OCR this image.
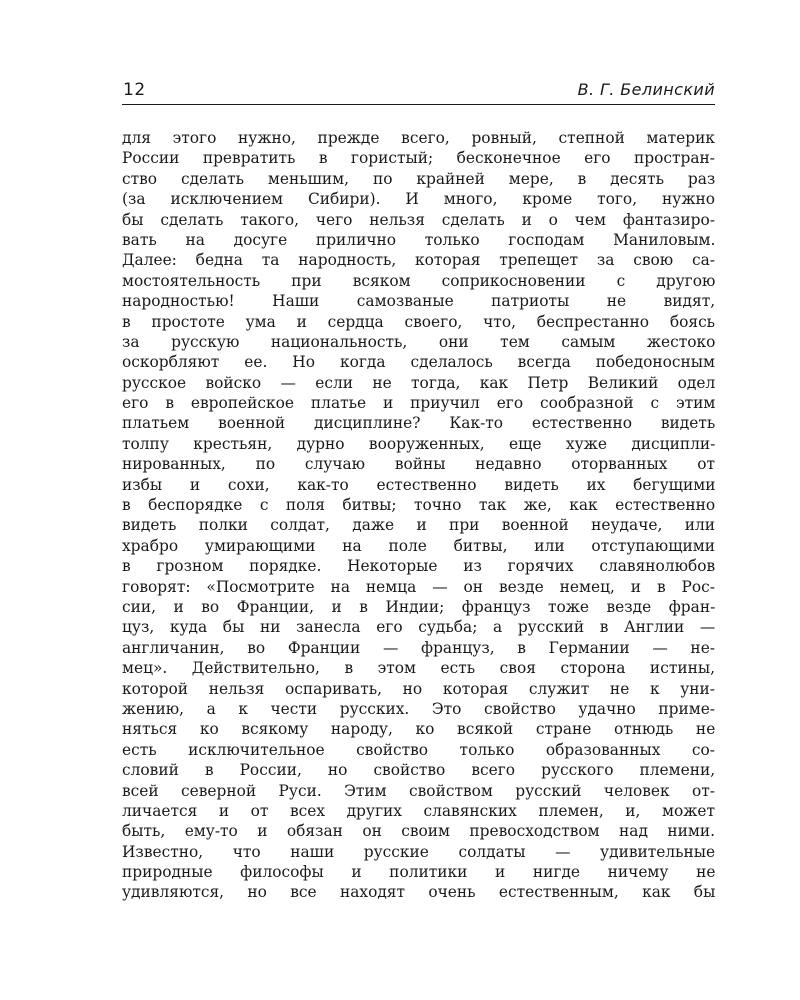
12	В. Г. Белинский
для этого нужно, прежде всего, ровный, степной материк
России превратить в гористый; бесконечное его простран-
ство сделать меньшим, по крайней мере, в десять раз
(за исключением Сибири). И много, кроме того, нужно
бы сделать такого, чего нельзя сделать и о чем фантазиро-
вать на досуге прилично только господам Маниловым.
Далее: бедна та народность, которая трепещет за свою са-
мостоятельность при всяком соприкосновении с другою
народностью! Наши самозваные патриоты не видят,
в простоте ума и сердца своего, что, беспрестанно боясь
за русскую национальность, они тем самым жестоко
оскорбляют ее. Но когда сделалось всегда победоносным
русское войско — если не тогда, как Петр Великий одел
его в европейское платье и приучил его сообразной с этим
платьем военной дисциплине? Как-то естественно видеть
толпу крестьян, дурно вооруженных, еще хуже дисципли-
нированных, по случаю войны недавно оторванных от
избы и сохи, как-то естественно видеть их бегущими
в беспорядке с поля битвы; точно так же, как естественно
видеть полки солдат, даже и при военной неудаче, или
храбро умирающими на поле битвы, или отступающими
в грозном порядке. Некоторые из горячих славянолюбов
говорят: «Посмотрите на немца — он везде немец, и в Рос-
сии, и во Франции, и в Индии; француз тоже везде фран-
цуз, куда бы ни занесла его судьба; а русский в Англии —
англичанин, во Франции — француз, в Германии — не-
мец». Действительно, в этом есть своя сторона истины,
которой нельзя оспаривать, но которая служит не к уни-
жению, а к чести русских. Это свойство удачно приме-
няться ко всякому народу, ко всякой стране отнюдь не
есть исключительное свойство только образованных со-
словий в России, но свойство всего русского племени,
всей северной Руси. Этим свойством русский человек от-
личается и от всех других славянских племен, и, может
быть, ему-то и обязан он своим превосходством над ними.
Известно, что наши русские солдаты — удивительные
природные философы и политики и нигде ничему не
удивляются, но все находят очень естественным, как бы
